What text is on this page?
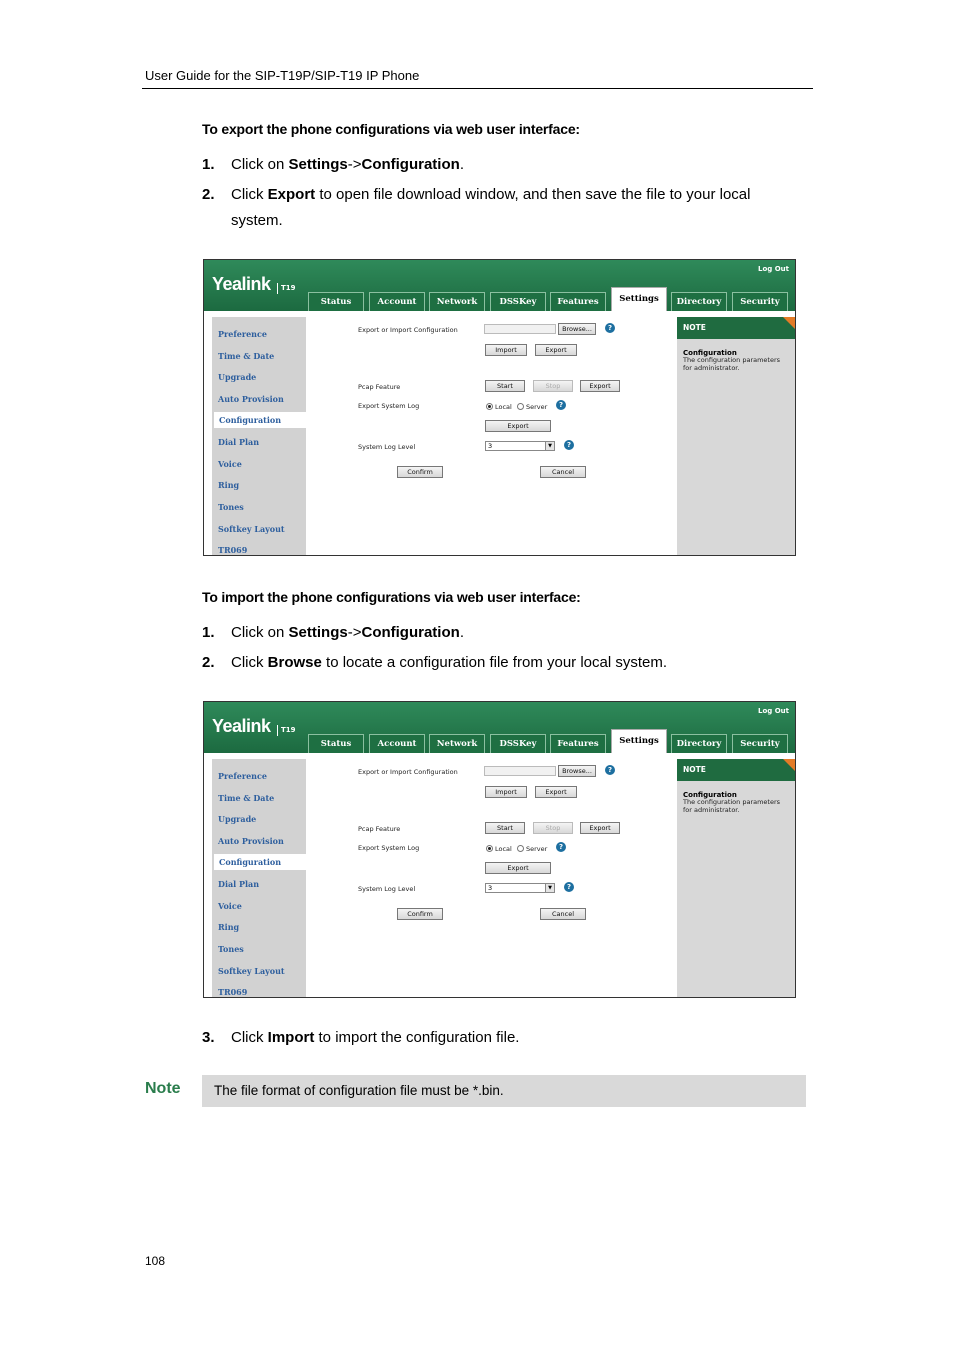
User Guide for the SIP-T19P/SIP-T19 IP Phone
To export the phone configurations via web user interface:
1. Click on Settings->Configuration.
2. Click Export to open file download window, and then save the file to your local system.
Yealink	T19
Log Out
Status	Account	Network	DSSKey	Features	Settings	Directory	Security
Preference
Time & Date
Upgrade
Auto Provision
Configuration
Dial Plan
Voice
Ring
Tones
Softkey Layout
TR069
Export or Import Configuration	Browse...	?
Import	Export
Pcap Feature	Start	Stop	Export
Export System Log	Local Server	?
Export
System Log Level	3	▼	?
Confirm	Cancel
NOTE
Configuration
The configuration parameters for administrator.
To import the phone configurations via web user interface:
1. Click on Settings->Configuration.
2. Click Browse to locate a configuration file from your local system.
Yealink	T19
Log Out
Status	Account	Network	DSSKey	Features	Settings	Directory	Security
Preference
Time & Date
Upgrade
Auto Provision
Configuration
Dial Plan
Voice
Ring
Tones
Softkey Layout
TR069
Export or Import Configuration	Browse...	?
Import	Export
Pcap Feature	Start	Stop	Export
Export System Log	Local Server	?
Export
System Log Level	3	▼	?
Confirm	Cancel
NOTE
Configuration
The configuration parameters for administrator.
3. Click Import to import the configuration file.
Note The file format of configuration file must be *.bin.
108
